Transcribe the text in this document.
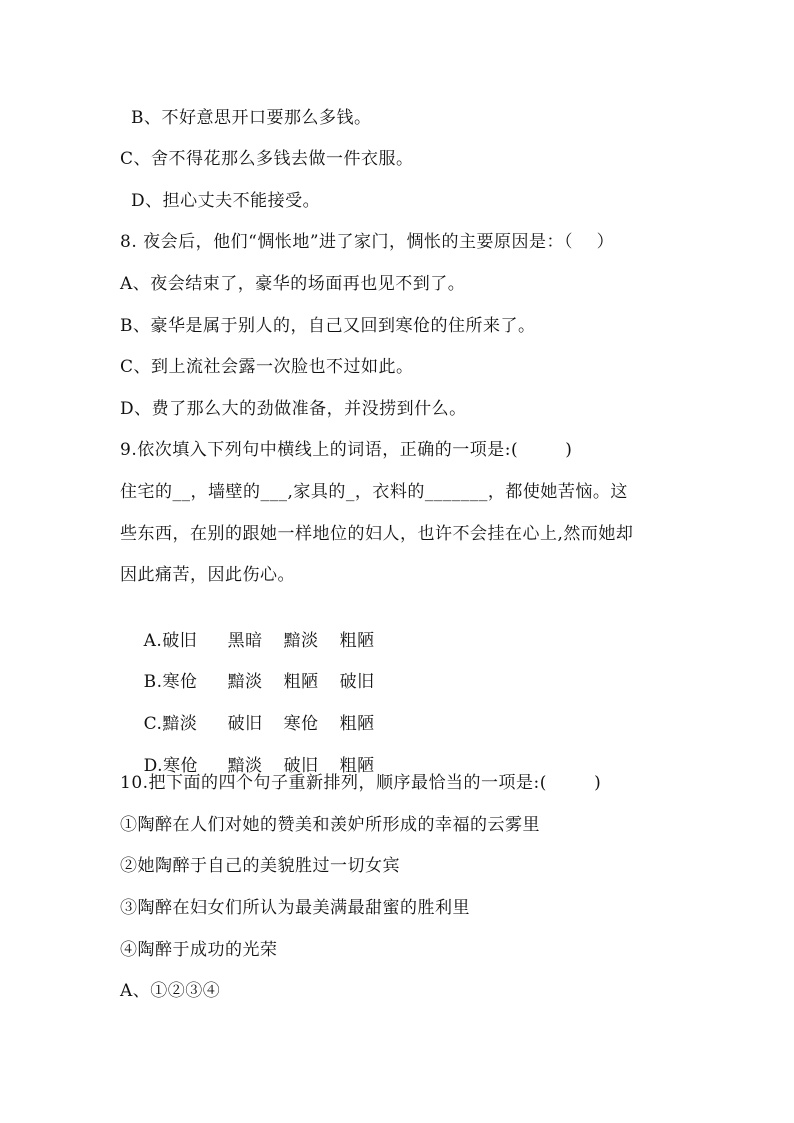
B、不好意思开口要那么多钱。
C、舍不得花那么多钱去做一件衣服。
D、担心丈夫不能接受。
8. 夜会后，他们“惆怅地”进了家门，惆怅的主要原因是：（    ）
A、夜会结束了，豪华的场面再也见不到了。
B、豪华是属于别人的，自己又回到寒伧的住所来了。
C、到上流社会露一次脸也不过如此。
D、费了那么大的劲做准备，并没捞到什么。
9.依次填入下列句中横线上的词语，正确的一项是:(        )
住宅的__，墙壁的___,家具的_，衣料的_______，都使她苦恼。这
些东西，在别的跟她一样地位的妇人，也许不会挂在心上,然而她却
因此痛苦，因此伤心。

A.破旧 黑暗 黯淡 粗陋

B.寒伧 黯淡 粗陋 破旧

C.黯淡 破旧 寒伧 粗陋

D.寒伧 黯淡 破旧 粗陋

10.把下面的四个句子重新排列，顺序最恰当的一项是:(        )
①陶醉在人们对她的赞美和羡妒所形成的幸福的云雾里
②她陶醉于自己的美貌胜过一切女宾
③陶醉在妇女们所认为最美满最甜蜜的胜利里
④陶醉于成功的光荣
A、①②③④
